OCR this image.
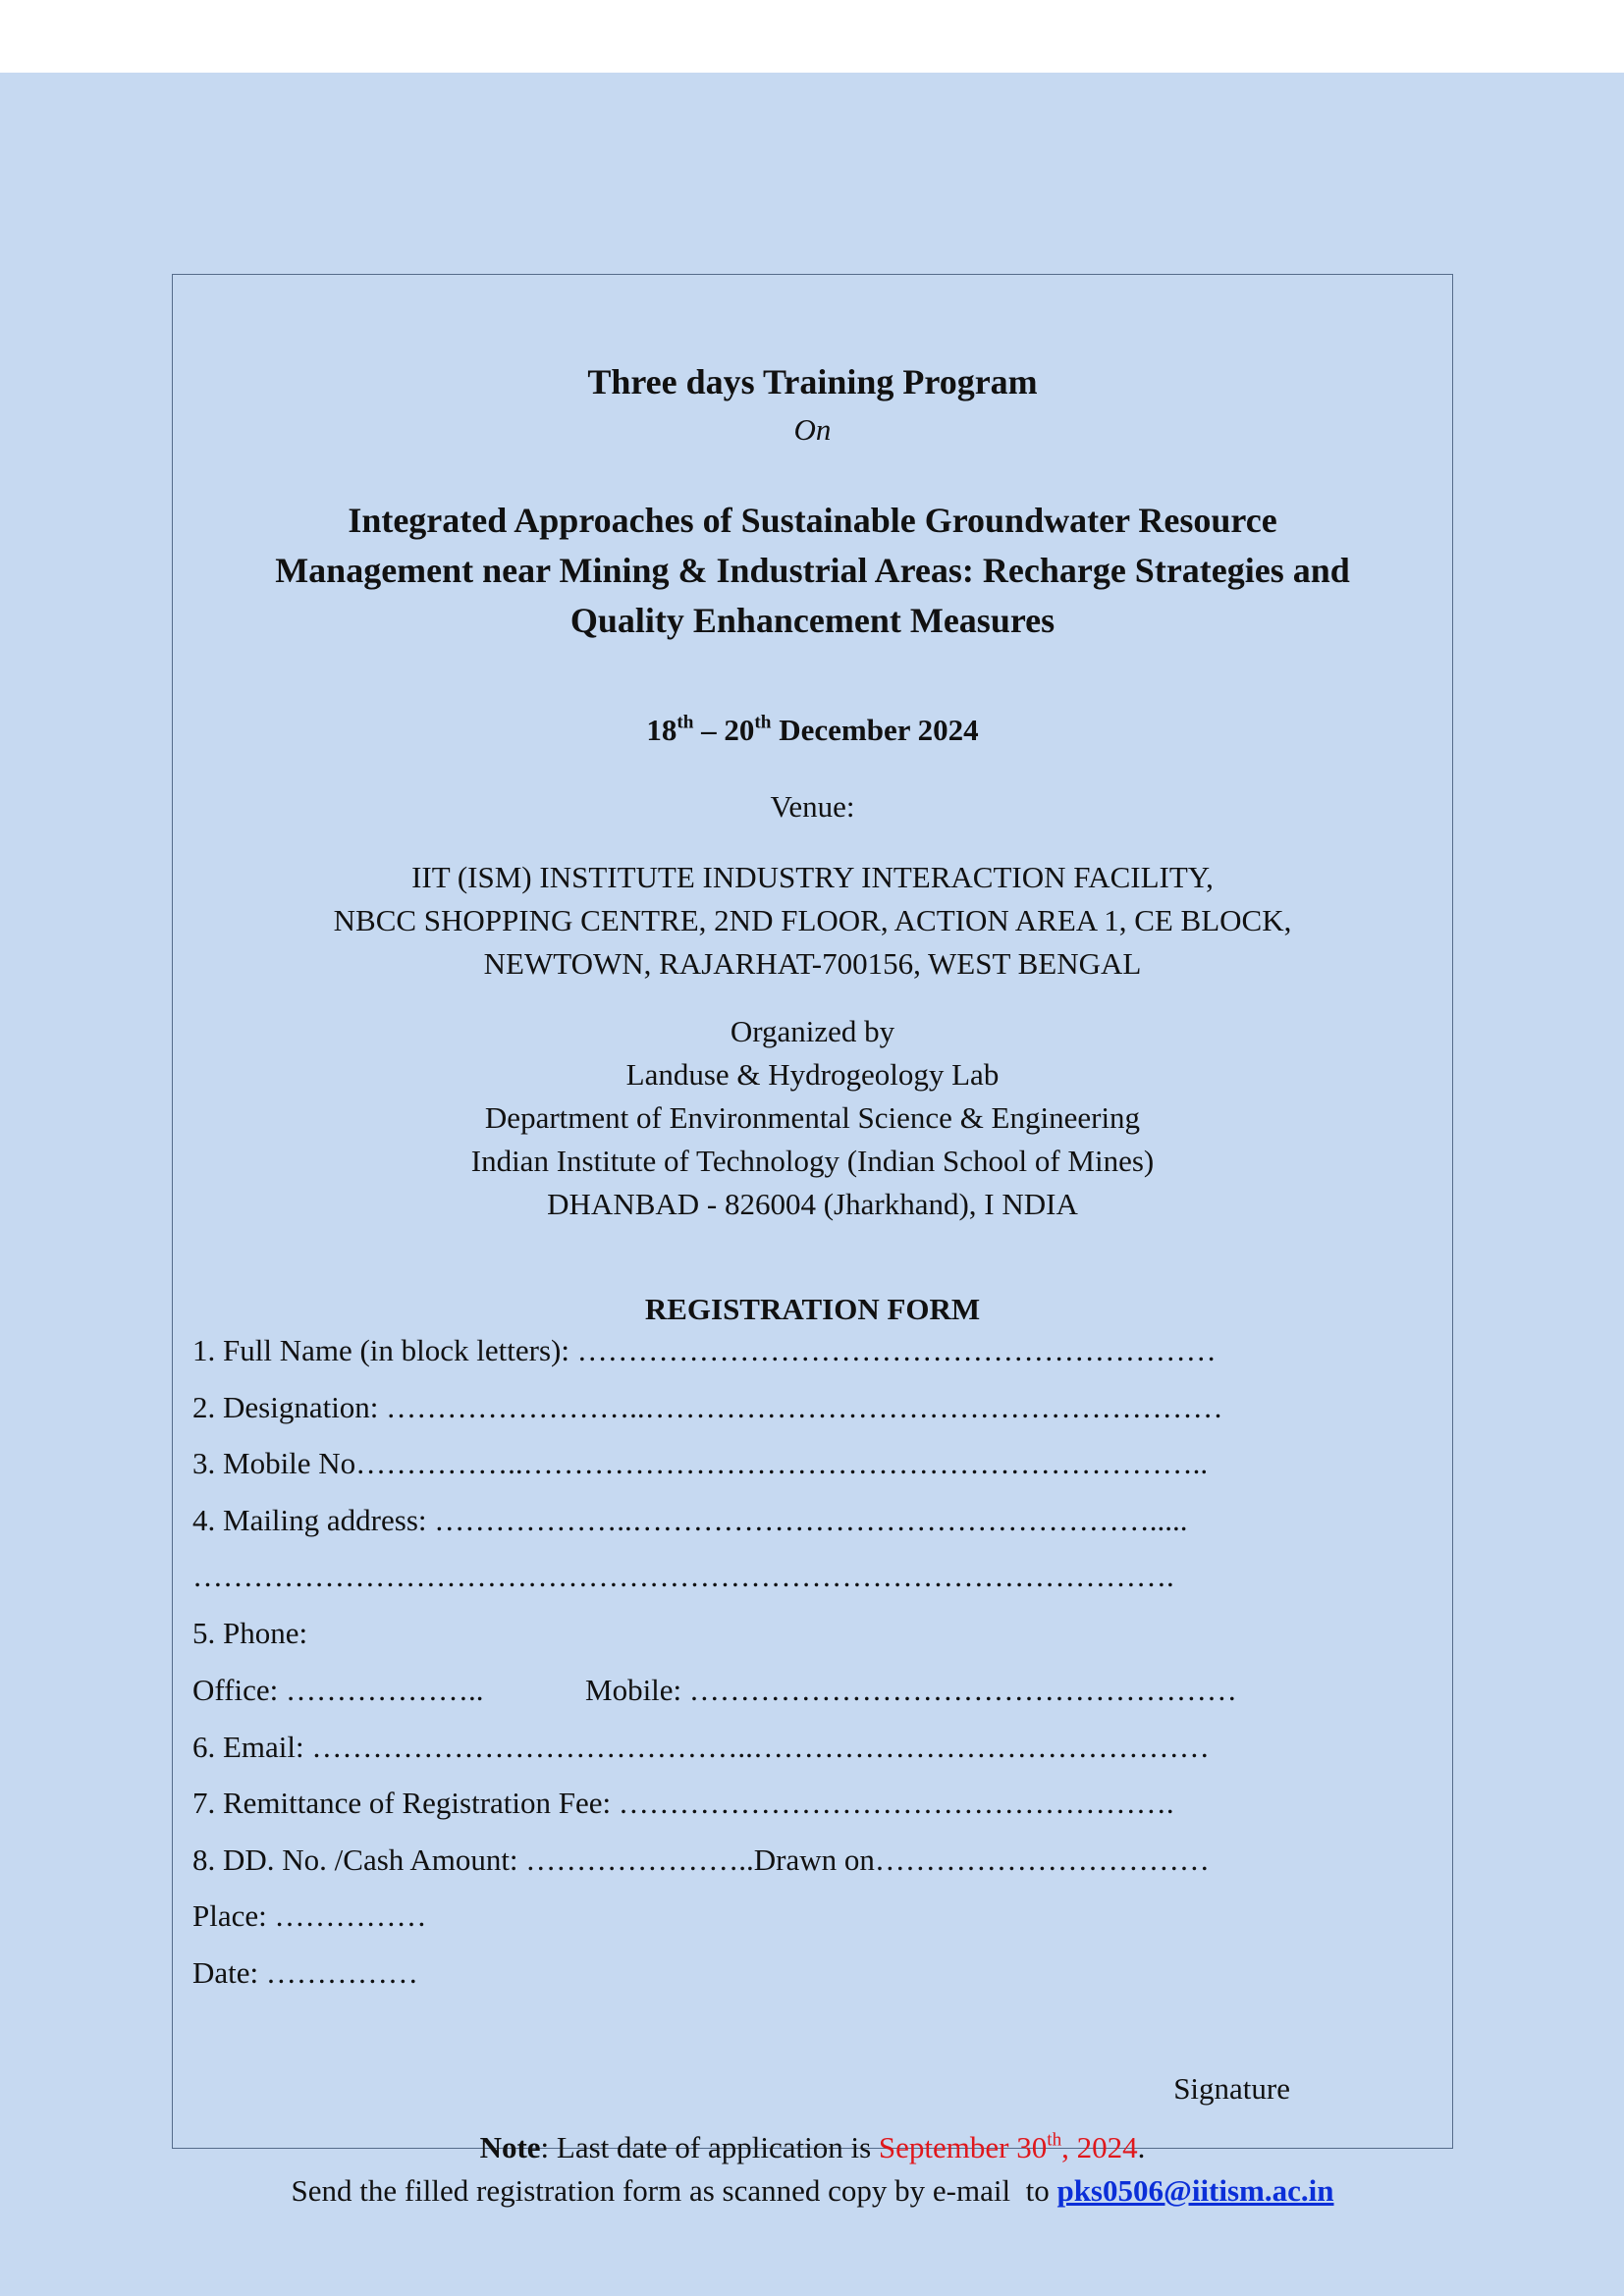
Three days Training Program
On
Integrated Approaches of Sustainable Groundwater Resource
Management near Mining & Industrial Areas: Recharge Strategies and
Quality Enhancement Measures
18th – 20th December 2024
Venue:
IIT (ISM) INSTITUTE INDUSTRY INTERACTION FACILITY,
NBCC SHOPPING CENTRE, 2ND FLOOR, ACTION AREA 1, CE BLOCK,
NEWTOWN, RAJARHAT-700156, WEST BENGAL
Organized by
Landuse & Hydrogeology Lab
Department of Environmental Science & Engineering
Indian Institute of Technology (Indian School of Mines)
DHANBAD - 826004 (Jharkhand), I NDIA
REGISTRATION FORM
1. Full Name (in block letters): ………………………………………………………
2. Designation: ……………………..…………………………………………………
3. Mobile No……………..…………………………………………………………..
4. Mailing address: ………………..…………………………………………….....
…………………………………………………………………………………….
5. Phone:
Office: ………………..	Mobile: ………………………………………………
6. Email: ……………………………………..………………………………………
7. Remittance of Registration Fee: ……………………………………………….
8. DD. No. /Cash Amount: …………………..Drawn on……………………………
Place: ……………
Date: ……………
Signature
Note: Last date of application is September 30th, 2024.
Send the filled registration form as scanned copy by e-mail  to pks0506@iitism.ac.in
